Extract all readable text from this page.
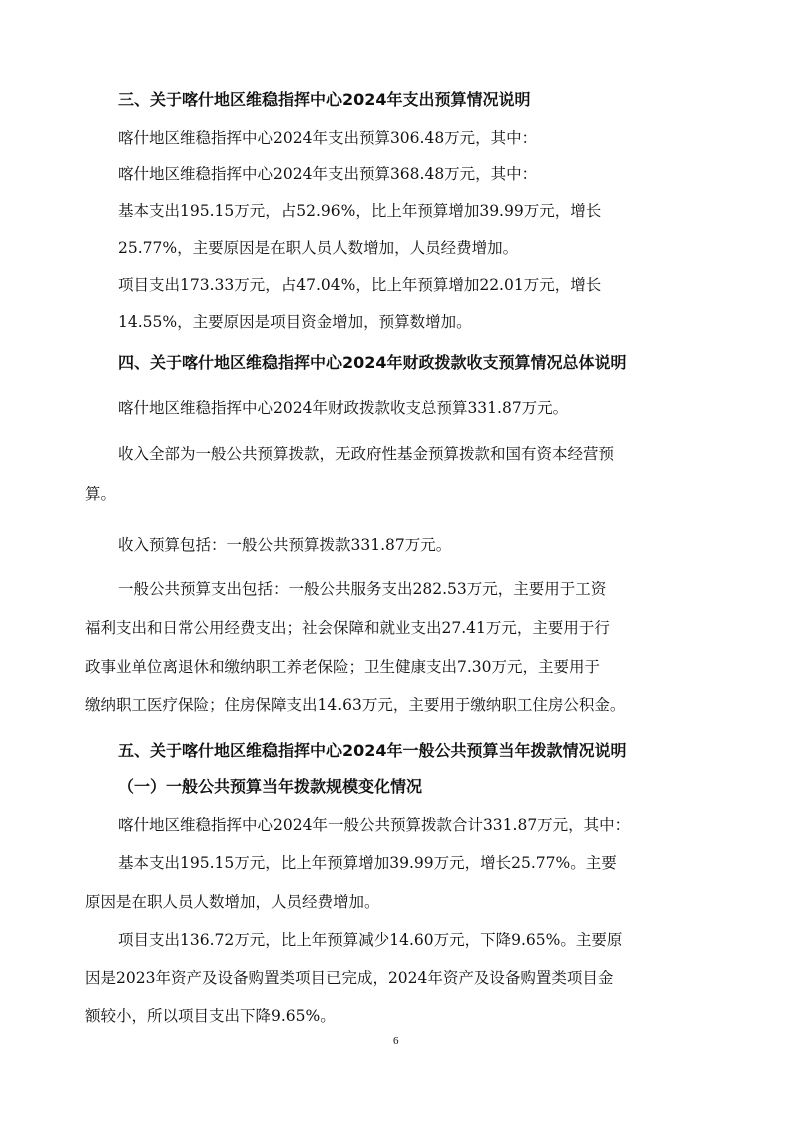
三、关于喀什地区维稳指挥中心2024年支出预算情况说明
喀什地区维稳指挥中心2024年支出预算306.48万元，其中：
喀什地区维稳指挥中心2024年支出预算368.48万元，其中：
基本支出195.15万元，占52.96%，比上年预算增加39.99万元，增长
25.77%，主要原因是在职人员人数增加，人员经费增加。
项目支出173.33万元，占47.04%，比上年预算增加22.01万元，增长
14.55%，主要原因是项目资金增加，预算数增加。
四、关于喀什地区维稳指挥中心2024年财政拨款收支预算情况总体说明
喀什地区维稳指挥中心2024年财政拨款收支总预算331.87万元。
收入全部为一般公共预算拨款，无政府性基金预算拨款和国有资本经营预
算。
收入预算包括：一般公共预算拨款331.87万元。
一般公共预算支出包括：一般公共服务支出282.53万元，主要用于工资
福利支出和日常公用经费支出；社会保障和就业支出27.41万元，主要用于行
政事业单位离退休和缴纳职工养老保险；卫生健康支出7.30万元，主要用于
缴纳职工医疗保险；住房保障支出14.63万元，主要用于缴纳职工住房公积金。
五、关于喀什地区维稳指挥中心2024年一般公共预算当年拨款情况说明
（一）一般公共预算当年拨款规模变化情况
喀什地区维稳指挥中心2024年一般公共预算拨款合计331.87万元，其中：
基本支出195.15万元，比上年预算增加39.99万元，增长25.77%。主要
原因是在职人员人数增加，人员经费增加。
项目支出136.72万元，比上年预算减少14.60万元，下降9.65%。主要原
因是2023年资产及设备购置类项目已完成，2024年资产及设备购置类项目金
额较小，所以项目支出下降9.65%。
6
